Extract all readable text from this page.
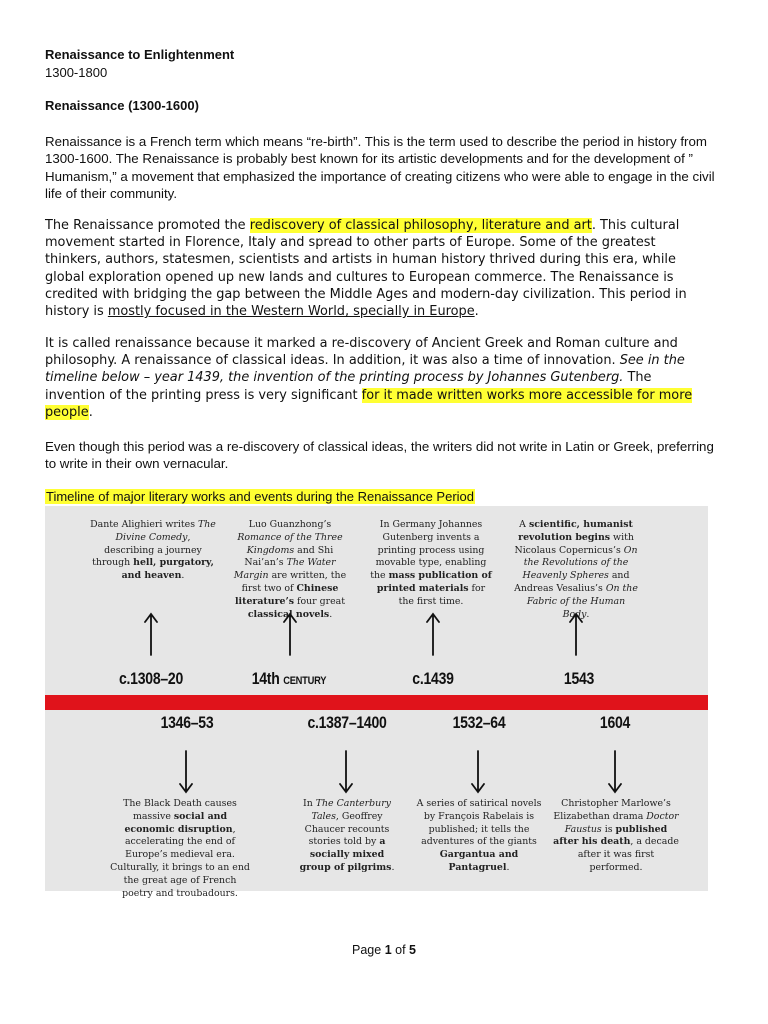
Renaissance to Enlightenment
1300-1800
Renaissance (1300-1600)
Renaissance is a French term which means “re-birth”. This is the term used to describe the period in history from 1300-1600. The Renaissance is probably best known for its artistic developments and for the development of ” Humanism,” a movement that emphasized the importance of creating citizens who were able to engage in the civil life of their community.
The Renaissance promoted the rediscovery of classical philosophy, literature and art. This cultural movement started in Florence, Italy and spread to other parts of Europe. Some of the greatest thinkers, authors, statesmen, scientists and artists in human history thrived during this era, while global exploration opened up new lands and cultures to European commerce. The Renaissance is credited with bridging the gap between the Middle Ages and modern-day civilization. This period in history is mostly focused in the Western World, specially in Europe.
It is called renaissance because it marked a re-discovery of Ancient Greek and Roman culture and philosophy. A renaissance of classical ideas. In addition, it was also a time of innovation. See in the timeline below – year 1439, the invention of the printing process by Johannes Gutenberg. The invention of the printing press is very significant for it made written works more accessible for more people.
Even though this period was a re-discovery of classical ideas, the writers did not write in Latin or Greek, preferring to write in their own vernacular.
Timeline of major literary works and events during the Renaissance Period
Dante Alighieri writes The Divine Comedy, describing a journey through hell, purgatory, and heaven.
c.1308–20
Luo Guanzhong’s Romance of the Three Kingdoms and Shi Nai’an’s The Water Margin are written, the first two of Chinese literature’s four great classical novels.
14th CENTURY
In Germany Johannes Gutenberg invents a printing process using movable type, enabling the mass publication of printed materials for the first time.
c.1439
A scientific, humanist revolution begins with Nicolaus Copernicus’s On the Revolutions of the Heavenly Spheres and Andreas Vesalius’s On the Fabric of the Human Body.
1543
1346–53
The Black Death causes massive social and economic disruption, accelerating the end of Europe’s medieval era. Culturally, it brings to an end the great age of French poetry and troubadours.
c.1387–1400
In The Canterbury Tales, Geoffrey Chaucer recounts stories told by a socially mixed group of pilgrims.
1532–64
A series of satirical novels by François Rabelais is published; it tells the adventures of the giants Gargantua and Pantagruel.
1604
Christopher Marlowe’s Elizabethan drama Doctor Faustus is published after his death, a decade after it was first performed.
Page 1 of 5
